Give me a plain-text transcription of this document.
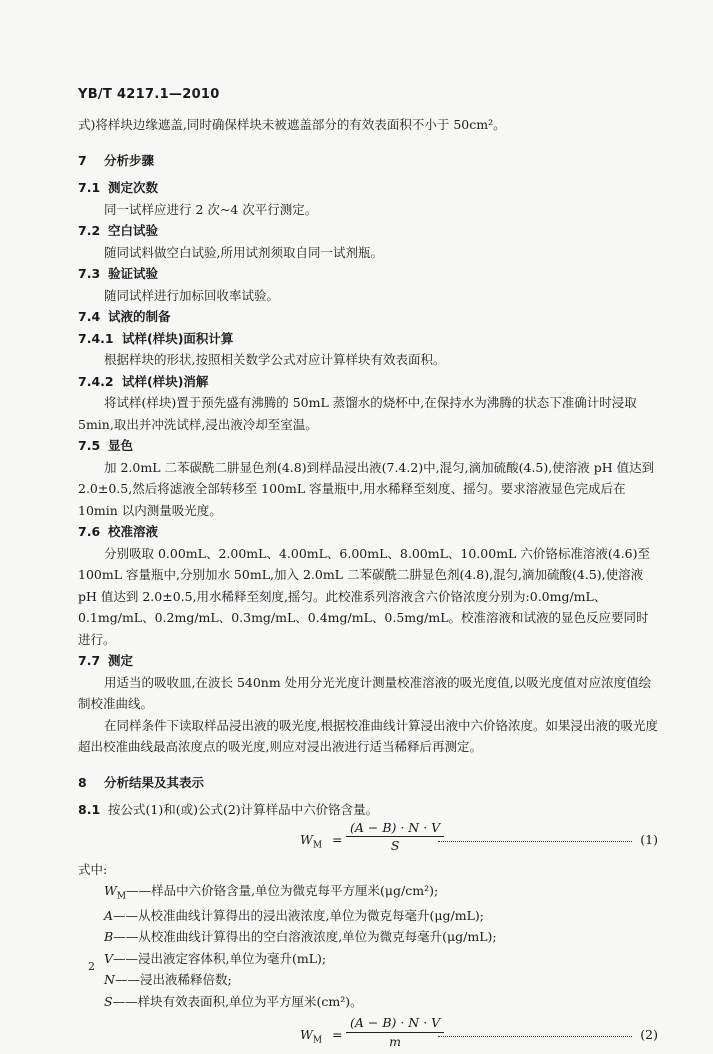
YB/T 4217.1—2010

式)将样块边缘遮盖,同时确保样块未被遮盖部分的有效表面积不小于 50cm²。

7 分析步骤
7.1 测定次数

同一试样应进行 2 次~4 次平行测定。

7.2 空白试验

随同试料做空白试验,所用试剂须取自同一试剂瓶。

7.3 验证试验

随同试样进行加标回收率试验。

7.4 试液的制备
7.4.1 试样(样块)面积计算

根据样块的形状,按照相关数学公式对应计算样块有效表面积。

7.4.2 试样(样块)消解

将试样(样块)置于预先盛有沸腾的 50mL 蒸馏水的烧杯中,在保持水为沸腾的状态下准确计时浸取 5min,取出并冲洗试样,浸出液冷却至室温。

7.5 显色

加 2.0mL 二苯碳酰二肼显色剂(4.8)到样品浸出液(7.4.2)中,混匀,滴加硫酸(4.5),使溶液 pH 值达到 2.0±0.5,然后将滤液全部转移至 100mL 容量瓶中,用水稀释至刻度、摇匀。要求溶液显色完成后在 10min 以内测量吸光度。

7.6 校准溶液

分别吸取 0.00mL、2.00mL、4.00mL、6.00mL、8.00mL、10.00mL 六价铬标准溶液(4.6)至 100mL 容量瓶中,分别加水 50mL,加入 2.0mL 二苯碳酰二肼显色剂(4.8),混匀,滴加硫酸(4.5),使溶液 pH 值达到 2.0±0.5,用水稀释至刻度,摇匀。此校准系列溶液含六价铬浓度分别为:0.0mg/mL、0.1mg/mL、0.2mg/mL、0.3mg/mL、0.4mg/mL、0.5mg/mL。校准溶液和试液的显色反应要同时进行。

7.7 测定

用适当的吸收皿,在波长 540nm 处用分光光度计测量校准溶液的吸光度值,以吸光度值对应浓度值绘制校准曲线。

在同样条件下读取样品浸出液的吸光度,根据校准曲线计算浸出液中六价铬浓度。如果浸出液的吸光度超出校准曲线最高浓度点的吸光度,则应对浸出液进行适当稀释后再测定。

8 分析结果及其表示

8.1 按公式(1)和(或)公式(2)计算样品中六价铬含量。

$W_M = \frac{(A - B) \cdot N \cdot V}{S}$	(1)

式中:

$W_M——$样品中六价铬含量,单位为微克每平方厘米(μg/cm²);

A——从校准曲线计算得出的浸出液浓度,单位为微克每毫升(μg/mL);

B——从校准曲线计算得出的空白溶液浓度,单位为微克每毫升(μg/mL);

V——浸出液定容体积,单位为毫升(mL);

N——浸出液稀释倍数;

S——样块有效表面积,单位为平方厘米(cm²)。

$W_M = \frac{(A - B) \cdot N \cdot V}{m}$	(2)
2
